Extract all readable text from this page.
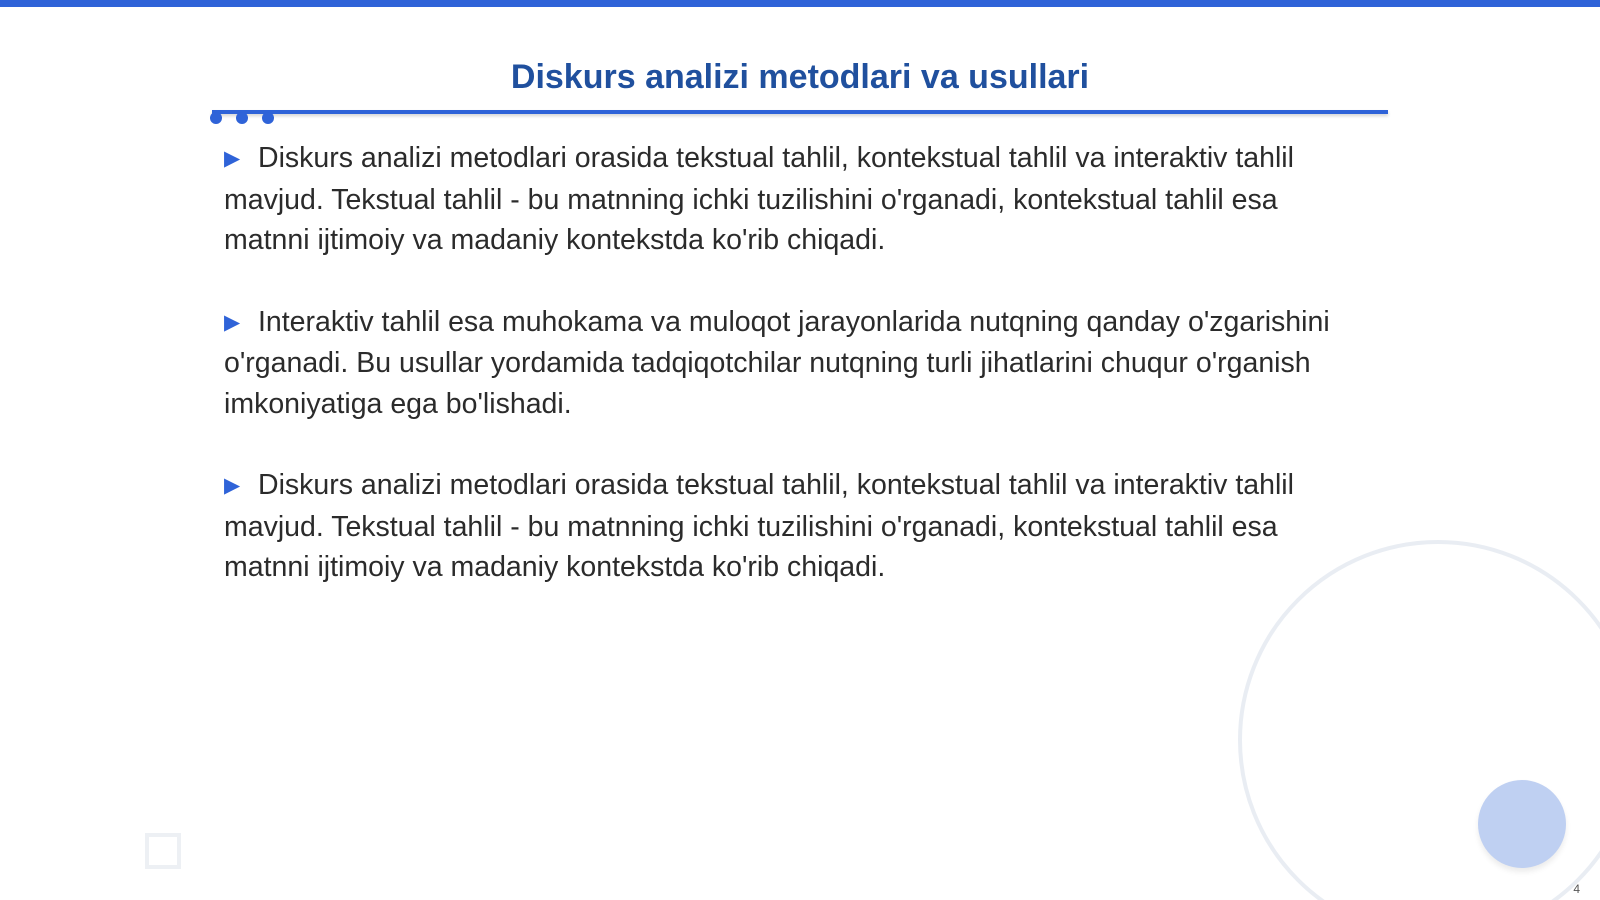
Diskurs analizi metodlari va usullari

▶ Diskurs analizi metodlari orasida tekstual tahlil, kontekstual tahlil va interaktiv tahlil mavjud. Tekstual tahlil - bu matnning ichki tuzilishini o'rganadi, kontekstual tahlil esa matnni ijtimoiy va madaniy kontekstda ko'rib chiqadi.

▶ Interaktiv tahlil esa muhokama va muloqot jarayonlarida nutqning qanday o'zgarishini o'rganadi. Bu usullar yordamida tadqiqotchilar nutqning turli jihatlarini chuqur o'rganish imkoniyatiga ega bo'lishadi.

▶ Diskurs analizi metodlari orasida tekstual tahlil, kontekstual tahlil va interaktiv tahlil mavjud. Tekstual tahlil - bu matnning ichki tuzilishini o'rganadi, kontekstual tahlil esa matnni ijtimoiy va madaniy kontekstda ko'rib chiqadi.

4
